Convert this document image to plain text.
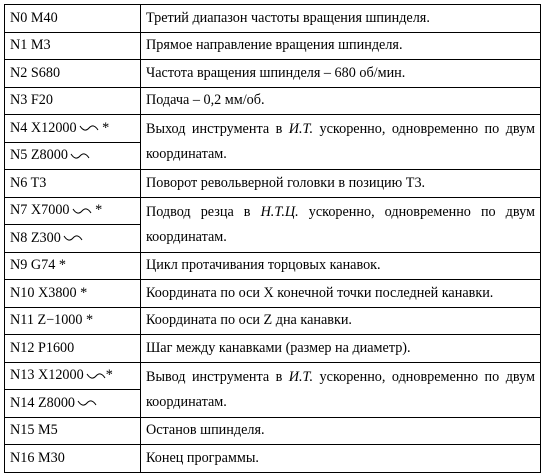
N0 M40	Третий диапазон частоты вращения шпинделя.
N1 M3	Прямое направление вращения шпинделя.
N2 S680	Частота вращения шпинделя – 680 об/мин.
N3 F20	Подача – 0,2 мм/об.
N4 X12000 *	Выход инструмента в И.Т. ускоренно, одновременно по двум координатам.
N5 Z8000	
N6 T3	Поворот револьверной головки в позицию Т3.
N7 X7000 *	Подвод резца в Н.Т.Ц. ускоренно, одновременно по двум координатам.
N8 Z300	
N9 G74 *	Цикл протачивания торцовых канавок.
N10 X3800 *	Координата по оси X конечной точки последней канавки.
N11 Z−1000 *	Координата по оси Z дна канавки.
N12 P1600	Шаг между канавками (размер на диаметр).
N13 X12000 *	Вывод инструмента в И.Т. ускоренно, одновременно по двум координатам.
N14 Z8000	
N15 M5	Останов шпинделя.
N16 M30	Конец программы.
